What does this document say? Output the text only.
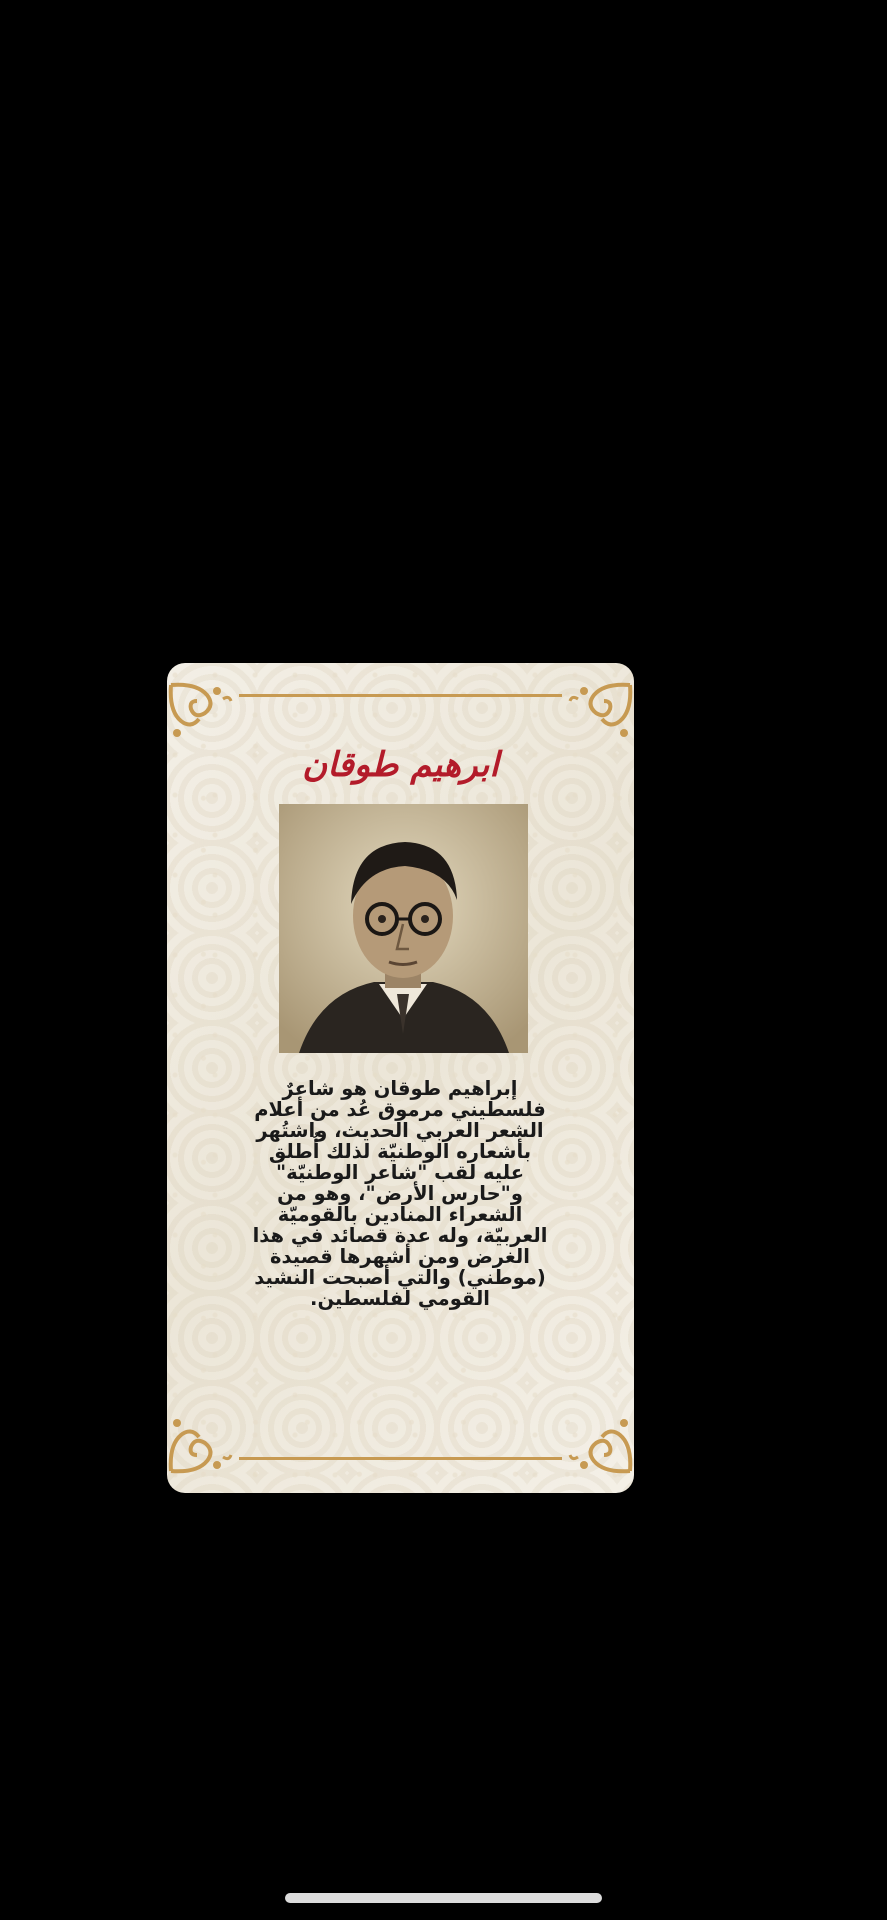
ابرهيم طوقان
إبراهيم طوقان هو شاعرٌ فلسطيني مرموق عُد من أعلام الشعر العربي الحديث، واشتُهر بأشعاره الوطنيّة لذلك أُطلق عليه لقب "شاعر الوطنيّة" و"حارس الأرض"، وهو من الشعراء المنادين بالقوميّة العربيّة، وله عدة قصائد في هذا الغرض ومن أشهرها قصيدة (موطني) والتي أصبحت النشيد القومي لفلسطين.
